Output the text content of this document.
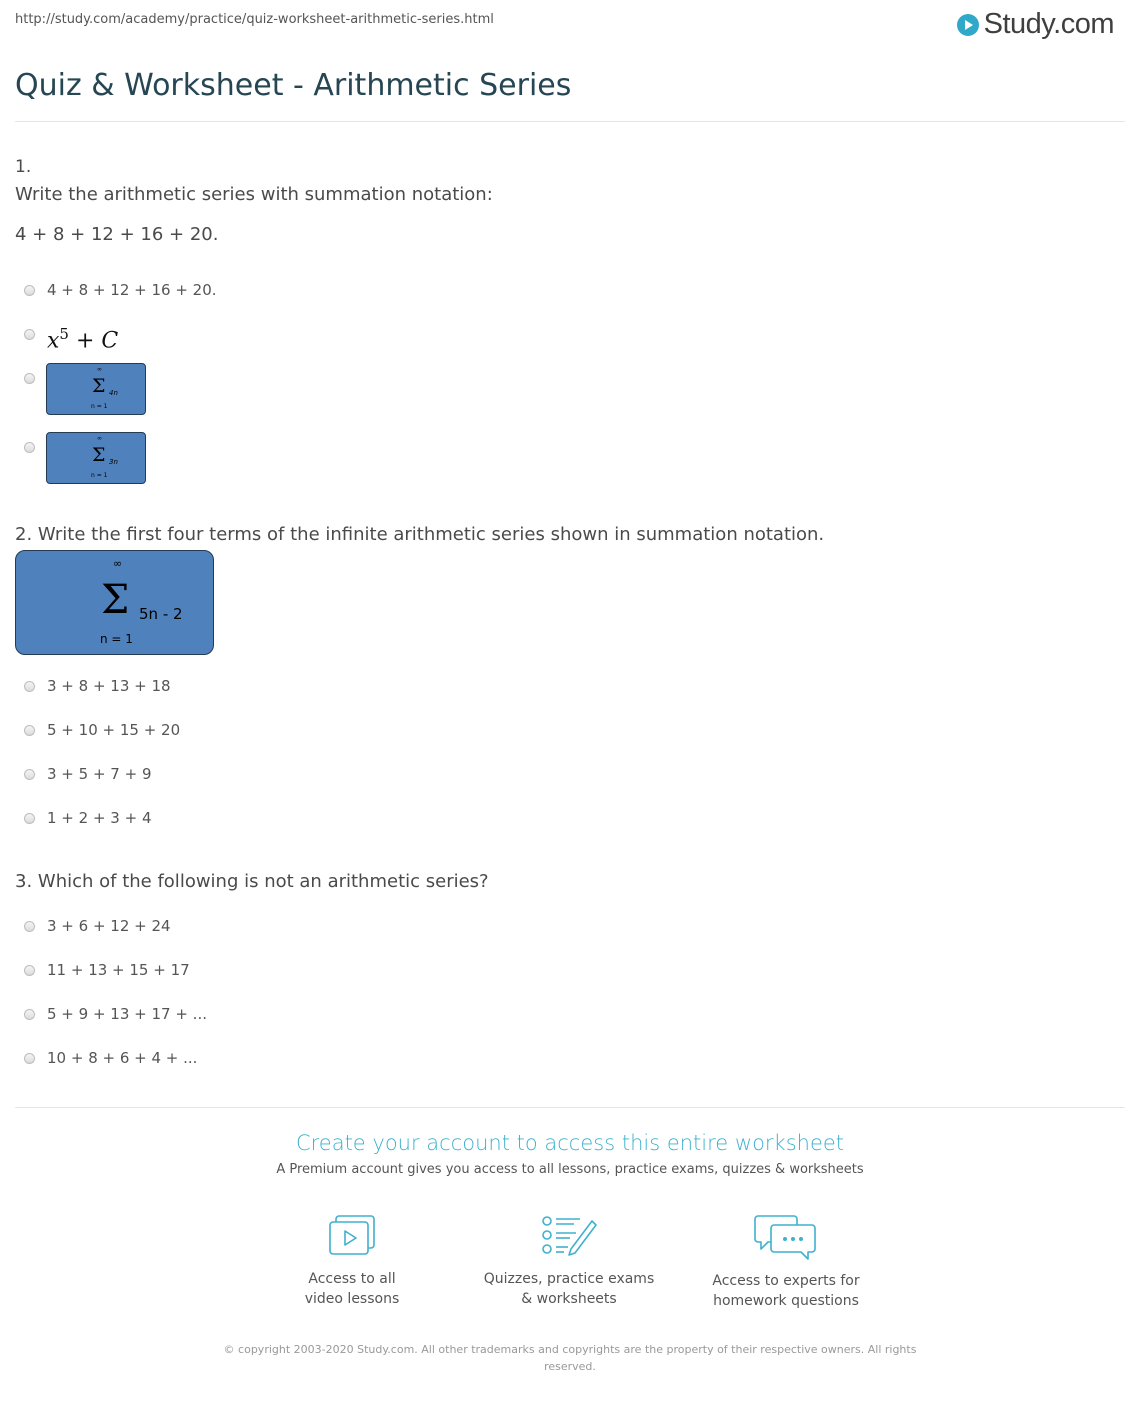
http://study.com/academy/practice/quiz-worksheet-arithmetic-series.html	Study.com
Quiz & Worksheet - Arithmetic Series
1.
Write the arithmetic series with summation notation:
4 + 8 + 12 + 16 + 20.
4 + 8 + 12 + 16 + 20.
$x^5 + C$
∞
Σ 4n
n = 1
∞
Σ 3n
n = 1
2. Write the first four terms of the infinite arithmetic series shown in summation notation.
∞
Σ 5n - 2
n = 1
3 + 8 + 13 + 18
5 + 10 + 15 + 20
3 + 5 + 7 + 9
1 + 2 + 3 + 4
3. Which of the following is not an arithmetic series?
3 + 6 + 12 + 24
11 + 13 + 15 + 17
5 + 9 + 13 + 17 + ...
10 + 8 + 6 + 4 + ...
Create your account to access this entire worksheet
A Premium account gives you access to all lessons, practice exams, quizzes & worksheets
Access to all
video lessons
Quizzes, practice exams
& worksheets
Access to experts for
homework questions
© copyright 2003-2020 Study.com. All other trademarks and copyrights are the property of their respective owners. All rights reserved.
